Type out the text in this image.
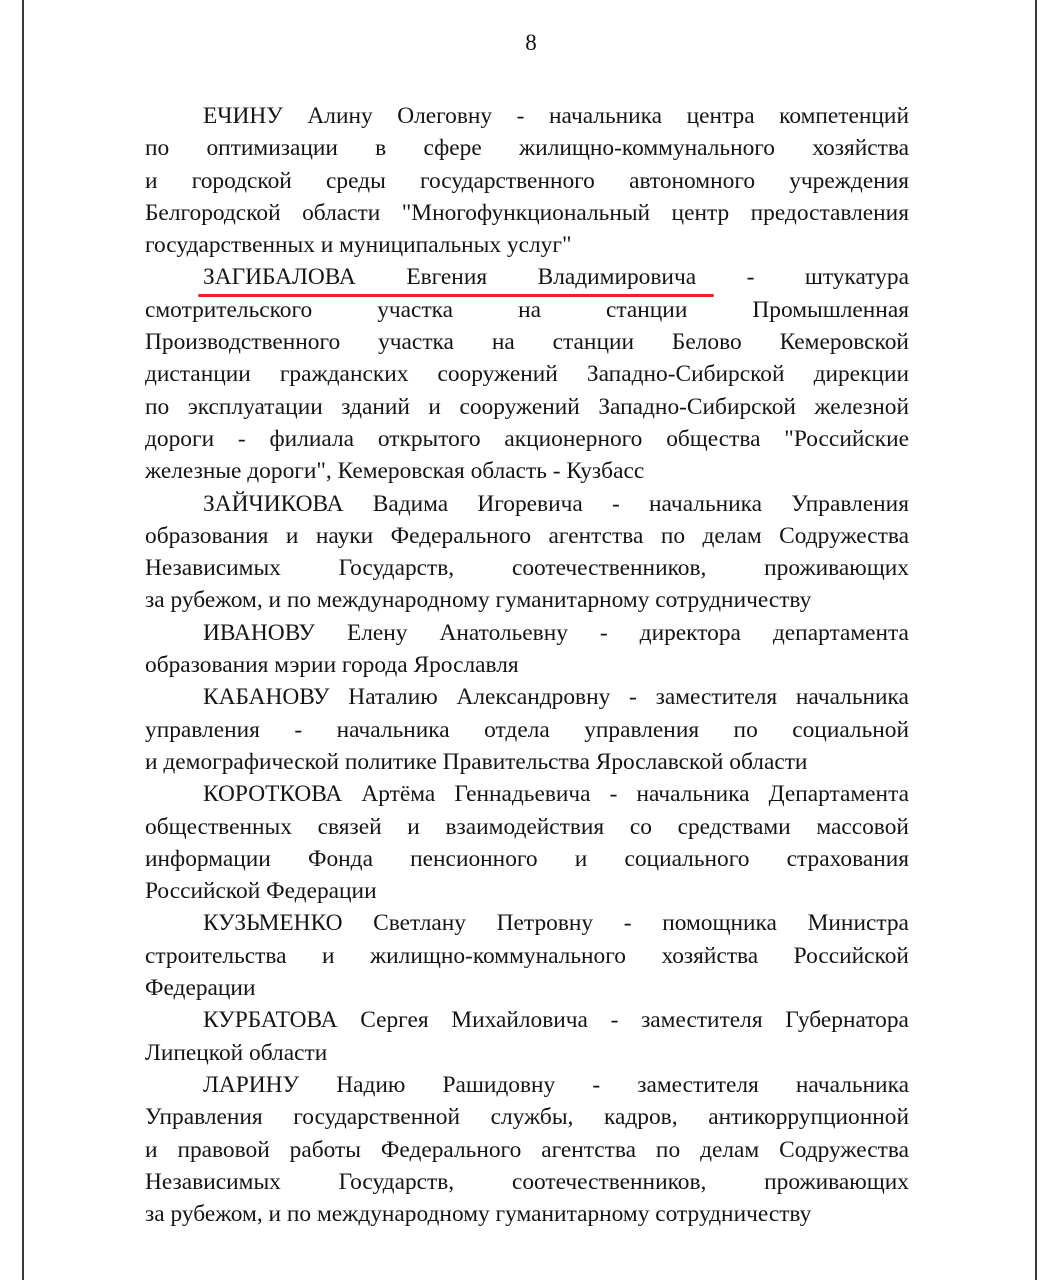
8
ЕЧИНУ Алину Олеговну - начальника центра компетенций
по оптимизации в сфере жилищно-коммунального хозяйства
и городской среды государственного автономного учреждения
Белгородской области "Многофункциональный центр предоставления
государственных и муниципальных услуг"
ЗАГИБАЛОВА Евгения Владимировича - штукатура
смотрительского	участка	на	станции	Промышленная
Производственного участка на станции Белово Кемеровской
дистанции гражданских сооружений Западно-Сибирской дирекции
по эксплуатации зданий и сооружений Западно-Сибирской железной
дороги - филиала открытого акционерного общества "Российские
железные дороги", Кемеровская область - Кузбасс
ЗАЙЧИКОВА Вадима Игоревича - начальника Управления
образования и науки Федерального агентства по делам Содружества
Независимых Государств, соотечественников, проживающих
за рубежом, и по международному гуманитарному сотрудничеству
ИВАНОВУ Елену Анатольевну - директора департамента
образования мэрии города Ярославля
КАБАНОВУ Наталию Александровну - заместителя начальника
управления - начальника отдела управления по социальной
и демографической политике Правительства Ярославской области
КОРОТКОВА Артёма Геннадьевича - начальника Департамента
общественных связей и взаимодействия со средствами массовой
информации Фонда пенсионного и социального страхования
Российской Федерации
КУЗЬМЕНКО Светлану Петровну - помощника Министра
строительства и жилищно-коммунального хозяйства Российской
Федерации
КУРБАТОВА Сергея Михайловича - заместителя Губернатора
Липецкой области
ЛАРИНУ Надию Рашидовну - заместителя начальника
Управления государственной службы, кадров, антикоррупционной
и правовой работы Федерального агентства по делам Содружества
Независимых Государств, соотечественников, проживающих
за рубежом, и по международному гуманитарному сотрудничеству
